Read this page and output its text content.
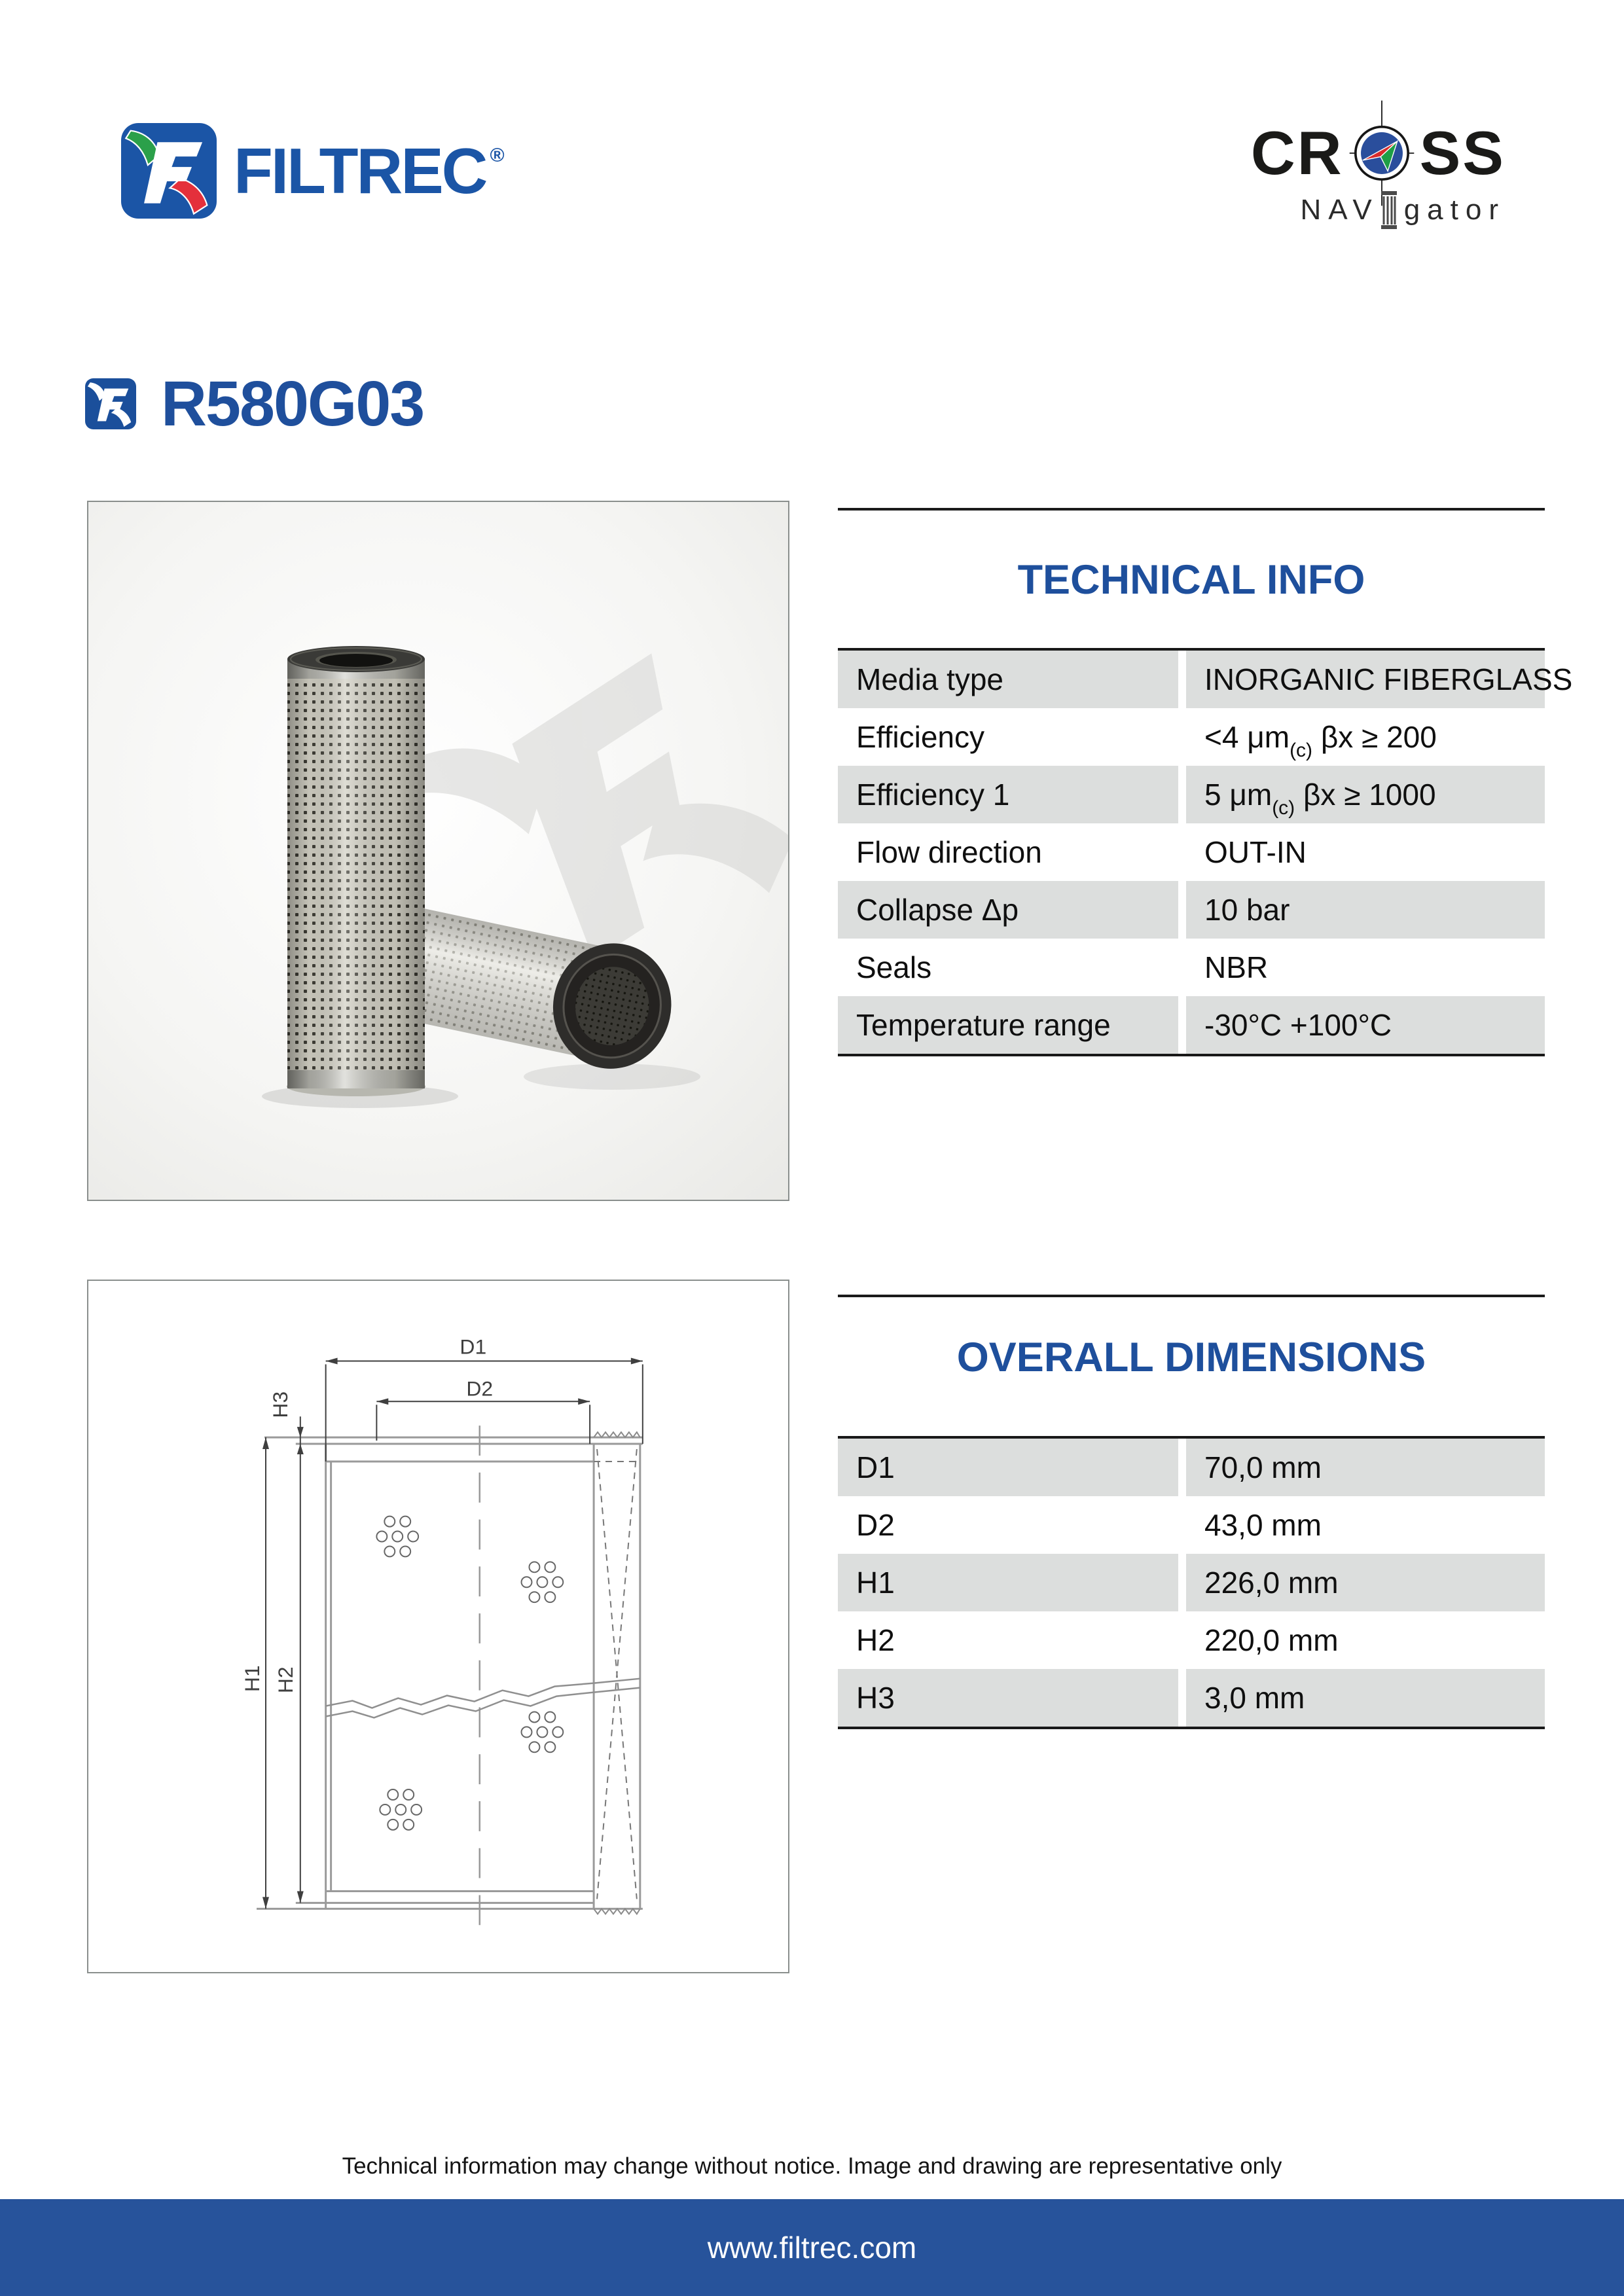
FILTREC ®	CR SS
NAV gator
R580G03
TECHNICAL INFO
Media type	INORGANIC FIBERGLASS
Efficiency	<4 $\mu m_{(c)}$ βx ≥ 200
Efficiency 1	5 $\mu m_{(c)}$ βx ≥ 1000
Flow direction	OUT-IN
Collapse Δp	10 bar
Seals	NBR
Temperature range	-30°C +100°C
D1
D2
H1 H2
H3
OVERALL DIMENSIONS
D1	70,0 mm
D2	43,0 mm
H1	226,0 mm
H2	220,0 mm
H3	3,0 mm
Technical information may change without notice. Image and drawing are representative only
www.filtrec.com
